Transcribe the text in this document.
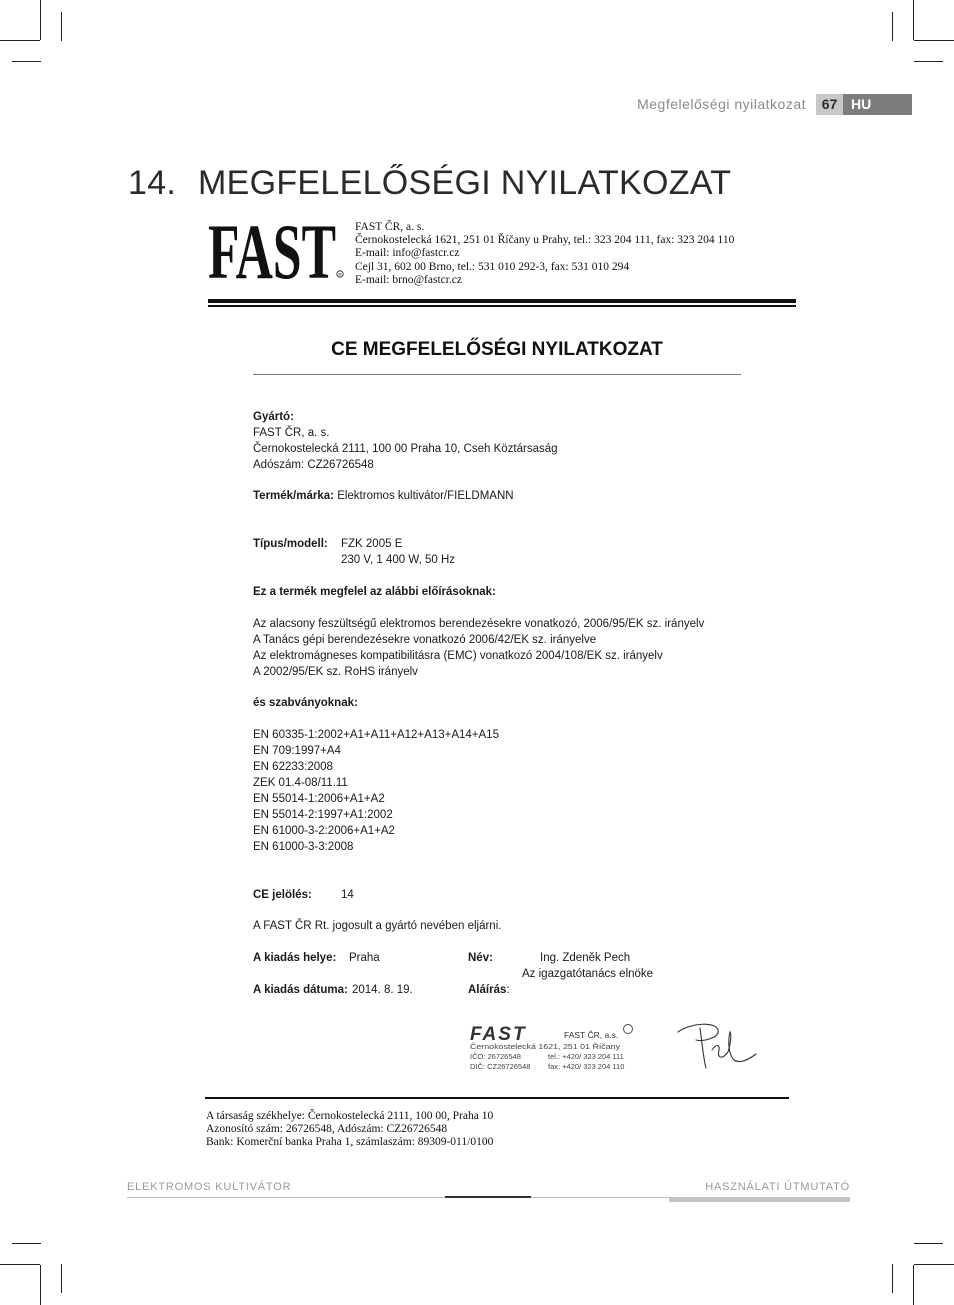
Megfelelőségi nyilatkozat	67 HU
14. MEGFELELŐSÉGI NYILATKOZAT
FAST R
FAST ČR, a. s.
Černokostelecká 1621, 251 01 Říčany u Prahy, tel.: 323 204 111, fax: 323 204 110
E-mail: info@fastcr.cz
Cejl 31, 602 00 Brno, tel.: 531 010 292-3, fax: 531 010 294
E-mail: brno@fastcr.cz
CE MEGFELELŐSÉGI NYILATKOZAT
Gyártó:
FAST ČR, a. s.
Černokostelecká 2111, 100 00 Praha 10, Cseh Köztársaság
Adószám: CZ26726548
Termék/márka: Elektromos kultivátor/FIELDMANN
Típus/modell: FZK 2005 E
230 V, 1 400 W, 50 Hz
Ez a termék megfelel az alábbi előírásoknak:
Az alacsony feszültségű elektromos berendezésekre vonatkozó, 2006/95/EK sz. irányelv
A Tanács gépi berendezésekre vonatkozó 2006/42/EK sz. irányelve
Az elektromágneses kompatibilitásra (EMC) vonatkozó 2004/108/EK sz. irányelv
A 2002/95/EK sz. RoHS irányelv
és szabványoknak:
EN 60335-1:2002+A1+A11+A12+A13+A14+A15
EN 709:1997+A4
EN 62233:2008
ZEK 01.4-08/11.11
EN 55014-1:2006+A1+A2
EN 55014-2:1997+A1:2002
EN 61000-3-2:2006+A1+A2
EN 61000-3-3:2008
CE jelölés:	14
A FAST ČR Rt. jogosult a gyártó nevében eljárni.
A kiadás helye: Praha	Név:	Ing. Zdeněk Pech
Az igazgatótanács elnöke
A kiadás dátuma: 2014. 8. 19.	Aláírás:
FAST	FAST ČR, a.s.
Černokostelecká 1621, 251 01 Říčany
IČO: 26726548	tel.: +420/ 323 204 111
DIČ: CZ26726548 fax: +420/ 323 204 110
A társaság székhelye: Černokostelecká 2111, 100 00, Praha 10
Azonosító szám: 26726548, Adószám: CZ26726548
Bank: Komerční banka Praha 1, számlaszám: 89309-011/0100
ELEKTROMOS KULTIVÁTOR	HASZNÁLATI ÚTMUTATÓ
